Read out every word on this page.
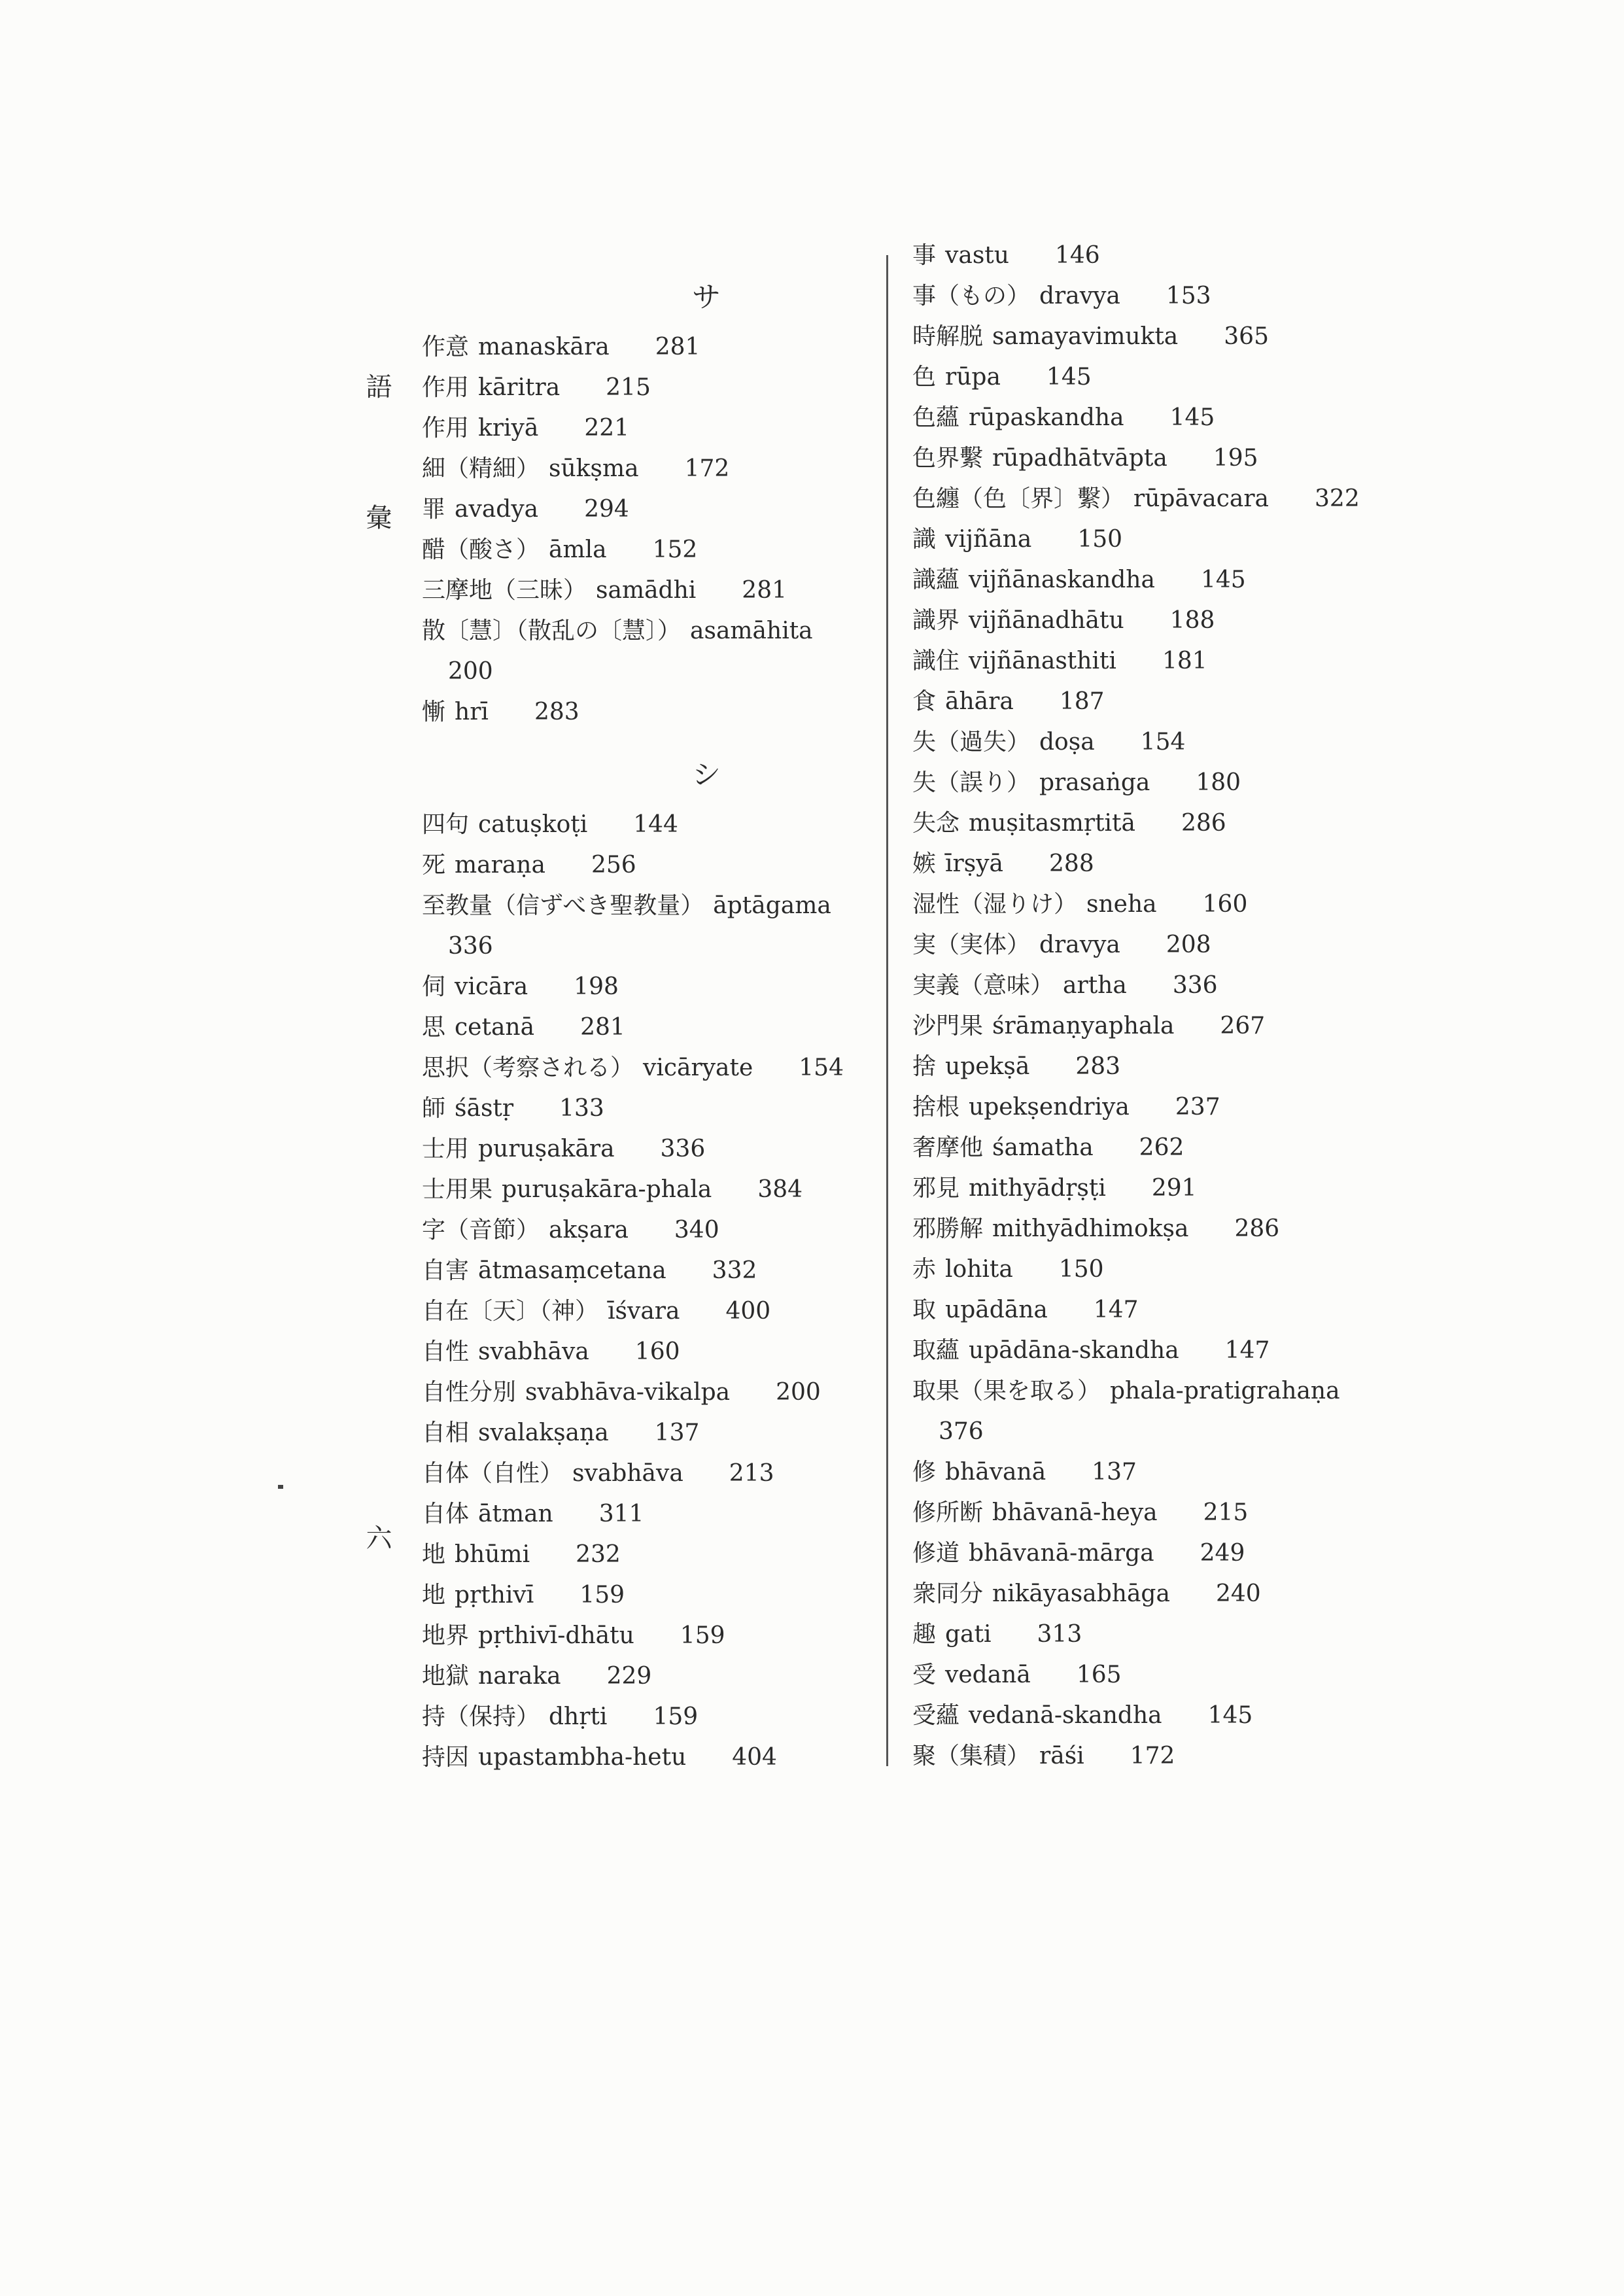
語
彙
六
サ
作意 manaskāra 281
作用 kāritra 215
作用 kriyā 221
細（精細） sūkṣma 172
罪 avadya 294
醋（酸さ） āmla 152
三摩地（三昧） samādhi 281
散〔慧〕（散乱の〔慧〕） asamāhita
200
慚 hrī 283
シ
四句 catuṣkoṭi 144
死 maraṇa 256
至教量（信ずべき聖教量） āptāgama
336
伺 vicāra 198
思 cetanā 281
思択（考察される） vicāryate 154
師 śāstṛ 133
士用 puruṣakāra 336
士用果 puruṣakāra-phala 384
字（音節） akṣara 340
自害 ātmasaṃcetana 332
自在〔天〕（神） īśvara 400
自性 svabhāva 160
自性分別 svabhāva-vikalpa 200
自相 svalakṣaṇa 137
自体（自性） svabhāva 213
自体 ātman 311
地 bhūmi 232
地 pṛthivī 159
地界 pṛthivī-dhātu 159
地獄 naraka 229
持（保持） dhṛti 159
持因 upastambha-hetu 404
事 vastu 146
事（もの） dravya 153
時解脱 samayavimukta 365
色 rūpa 145
色蘊 rūpaskandha 145
色界繫 rūpadhātvāpta 195
色纏（色〔界〕繫） rūpāvacara 322
識 vijñāna 150
識蘊 vijñānaskandha 145
識界 vijñānadhātu 188
識住 vijñānasthiti 181
食 āhāra 187
失（過失） doṣa 154
失（誤り） prasaṅga 180
失念 muṣitasmṛtitā 286
嫉 īrṣyā 288
湿性（湿りけ） sneha 160
実（実体） dravya 208
実義（意味） artha 336
沙門果 śrāmaṇyaphala 267
捨 upekṣā 283
捨根 upekṣendriya 237
奢摩他 śamatha 262
邪見 mithyādṛṣṭi 291
邪勝解 mithyādhimokṣa 286
赤 lohita 150
取 upādāna 147
取蘊 upādāna-skandha 147
取果（果を取る） phala-pratigrahaṇa
376
修 bhāvanā 137
修所断 bhāvanā-heya 215
修道 bhāvanā-mārga 249
衆同分 nikāyasabhāga 240
趣 gati 313
受 vedanā 165
受蘊 vedanā-skandha 145
聚（集積） rāśi 172
